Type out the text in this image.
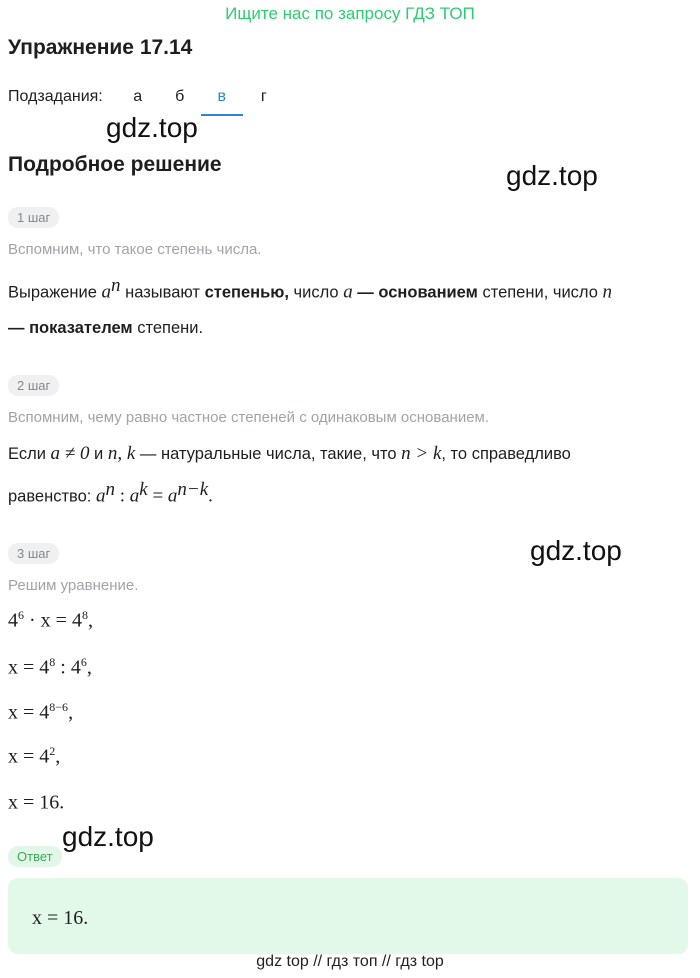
Ищите нас по запросу ГДЗ ТОП
Упражнение 17.14
Подзадания:	а	б	в	г
gdz.top
Подробное решение	gdz.top
1 шаг
Вспомним, что такое степень числа.
Выражение $a^n$ называют степенью, число a — основанием степени, число n
— показателем степени.
2 шаг
Вспомним, чему равно частное степеней с одинаковым основанием.
Если a ≠ 0 и n, k — натуральные числа, такие, что n > k, то справедливо
равенство: $a^n$ : $a^k = a^{n-k}$.
gdz.top
3 шаг
Решим уравнение.
$4^6 \cdot x = 4^8$,
$x = 4^8$ : $4^6$,
$x = 4^{8-6}$,
$x = 4^2$,
x = 16.
gdz.top
Ответ
x = 16.
gdz top // гдз топ // гдз top
